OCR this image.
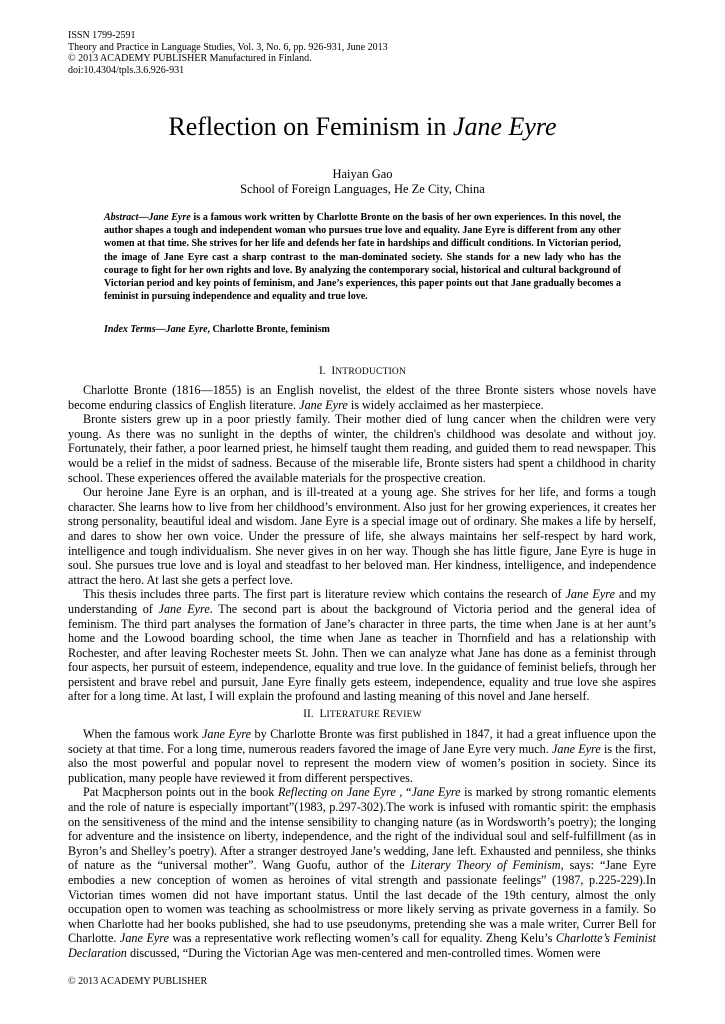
ISSN 1799-2591
Theory and Practice in Language Studies, Vol. 3, No. 6, pp. 926-931, June 2013
© 2013 ACADEMY PUBLISHER Manufactured in Finland.
doi:10.4304/tpls.3.6.926-931
Reflection on Feminism in Jane Eyre
Haiyan Gao
School of Foreign Languages, He Ze City, China
Abstract—Jane Eyre is a famous work written by Charlotte Bronte on the basis of her own experiences. In this novel, the author shapes a tough and independent woman who pursues true love and equality. Jane Eyre is different from any other women at that time. She strives for her life and defends her fate in hardships and difficult conditions. In Victorian period, the image of Jane Eyre cast a sharp contrast to the man-dominated society. She stands for a new lady who has the courage to fight for her own rights and love. By analyzing the contemporary social, historical and cultural background of Victorian period and key points of feminism, and Jane’s experiences, this paper points out that Jane gradually becomes a feminist in pursuing independence and equality and true love.
Index Terms—Jane Eyre, Charlotte Bronte, feminism
I. INTRODUCTION

Charlotte Bronte (1816—1855) is an English novelist, the eldest of the three Bronte sisters whose novels have become enduring classics of English literature. Jane Eyre is widely acclaimed as her masterpiece.

Bronte sisters grew up in a poor priestly family. Their mother died of lung cancer when the children were very young. As there was no sunlight in the depths of winter, the children's childhood was desolate and without joy. Fortunately, their father, a poor learned priest, he himself taught them reading, and guided them to read newspaper. This would be a relief in the midst of sadness. Because of the miserable life, Bronte sisters had spent a childhood in charity school. These experiences offered the available materials for the prospective creation.

Our heroine Jane Eyre is an orphan, and is ill-treated at a young age. She strives for her life, and forms a tough character. She learns how to live from her childhood’s environment. Also just for her growing experiences, it creates her strong personality, beautiful ideal and wisdom. Jane Eyre is a special image out of ordinary. She makes a life by herself, and dares to show her own voice. Under the pressure of life, she always maintains her self-respect by hard work, intelligence and tough individualism. She never gives in on her way. Though she has little figure, Jane Eyre is huge in soul. She pursues true love and is loyal and steadfast to her beloved man. Her kindness, intelligence, and independence attract the hero. At last she gets a perfect love.

This thesis includes three parts. The first part is literature review which contains the research of Jane Eyre and my understanding of Jane Eyre. The second part is about the background of Victoria period and the general idea of feminism. The third part analyses the formation of Jane’s character in three parts, the time when Jane is at her aunt’s home and the Lowood boarding school, the time when Jane as teacher in Thornfield and has a relationship with Rochester, and after leaving Rochester meets St. John. Then we can analyze what Jane has done as a feminist through four aspects, her pursuit of esteem, independence, equality and true love. In the guidance of feminist beliefs, through her persistent and brave rebel and pursuit, Jane Eyre finally gets esteem, independence, equality and true love she aspires after for a long time. At last, I will explain the profound and lasting meaning of this novel and Jane herself.

II. LITERATURE REVIEW

When the famous work Jane Eyre by Charlotte Bronte was first published in 1847, it had a great influence upon the society at that time. For a long time, numerous readers favored the image of Jane Eyre very much. Jane Eyre is the first, also the most powerful and popular novel to represent the modern view of women’s position in society. Since its publication, many people have reviewed it from different perspectives.

Pat Macpherson points out in the book Reflecting on Jane Eyre , “Jane Eyre is marked by strong romantic elements and the role of nature is especially important”(1983, p.297-302).The work is infused with romantic spirit: the emphasis on the sensitiveness of the mind and the intense sensibility to changing nature (as in Wordsworth’s poetry); the longing for adventure and the insistence on liberty, independence, and the right of the individual soul and self-fulfillment (as in Byron’s and Shelley’s poetry). After a stranger destroyed Jane’s wedding, Jane left. Exhausted and penniless, she thinks of nature as the “universal mother”. Wang Guofu, author of the Literary Theory of Feminism, says: “Jane Eyre embodies a new conception of women as heroines of vital strength and passionate feelings” (1987, p.225-229).In Victorian times women did not have important status. Until the last decade of the 19th century, almost the only occupation open to women was teaching as schoolmistress or more likely serving as private governess in a family. So when Charlotte had her books published, she had to use pseudonyms, pretending she was a male writer, Currer Bell for Charlotte. Jane Eyre was a representative work reflecting women’s call for equality. Zheng Kelu’s Charlotte’s Feminist Declaration discussed, “During the Victorian Age was men-centered and men-controlled times. Women were

© 2013 ACADEMY PUBLISHER
